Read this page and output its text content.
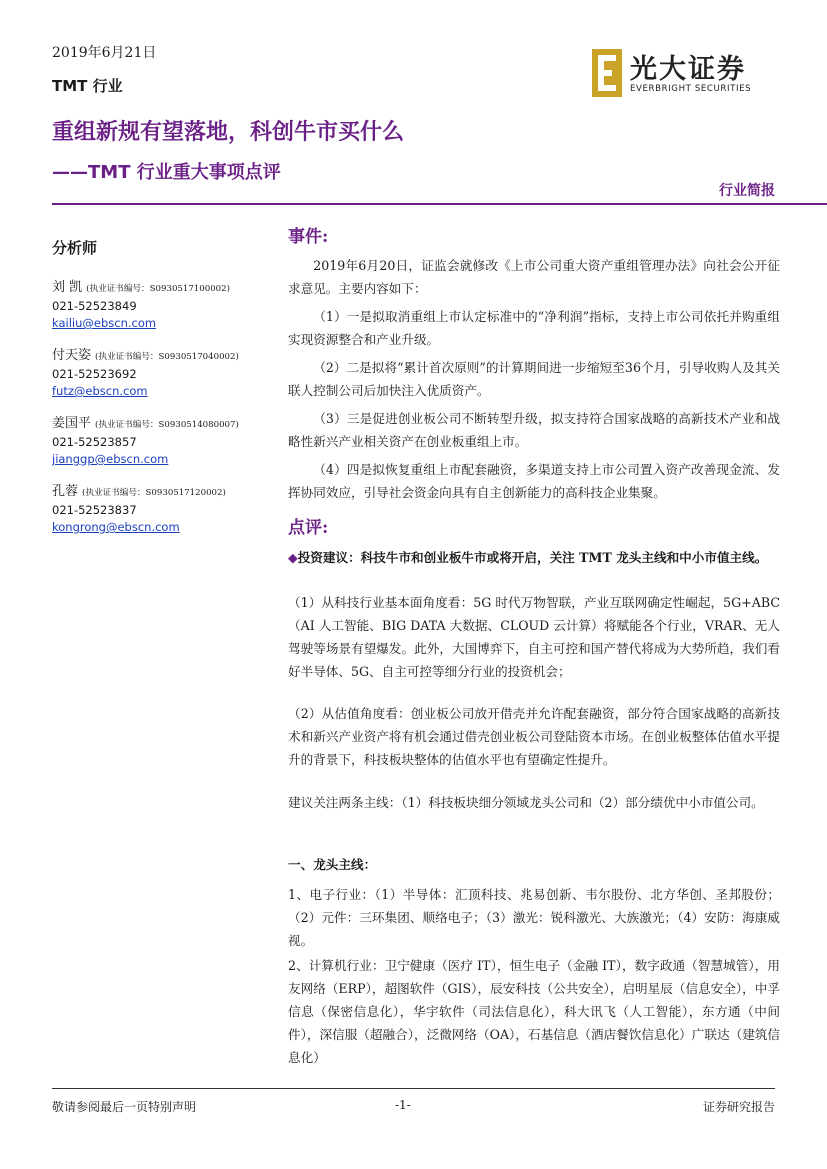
2019年6月21日
TMT 行业
光大证券
EVERBRIGHT SECURITIES
重组新规有望落地，科创牛市买什么
——TMT 行业重大事项点评
行业简报
分析师
刘 凯 (执业证书编号：S0930517100002)
021-52523849
kailiu@ebscn.com
付天姿 (执业证书编号：S0930517040002)
021-52523692
futz@ebscn.com
姜国平 (执业证书编号：S0930514080007)
021-52523857
jianggp@ebscn.com
孔蓉 (执业证书编号：S0930517120002)
021-52523837
kongrong@ebscn.com
事件:
2019年6月20日，证监会就修改《上市公司重大资产重组管理办法》向社会公开征求意见。主要内容如下：
（1）一是拟取消重组上市认定标准中的“净利润”指标，支持上市公司依托并购重组实现资源整合和产业升级。
（2）二是拟将“累计首次原则”的计算期间进一步缩短至36个月，引导收购人及其关联人控制公司后加快注入优质资产。
（3）三是促进创业板公司不断转型升级，拟支持符合国家战略的高新技术产业和战略性新兴产业相关资产在创业板重组上市。
（4）四是拟恢复重组上市配套融资，多渠道支持上市公司置入资产改善现金流、发挥协同效应，引导社会资金向具有自主创新能力的高科技企业集聚。
点评:
◆投资建议：科技牛市和创业板牛市或将开启，关注 TMT 龙头主线和中小市值主线。
（1）从科技行业基本面角度看：5G 时代万物智联，产业互联网确定性崛起，5G+ABC（AI 人工智能、BIG DATA 大数据、CLOUD 云计算）将赋能各个行业，VRAR、无人驾驶等场景有望爆发。此外，大国博弈下，自主可控和国产替代将成为大势所趋，我们看好半导体、5G、自主可控等细分行业的投资机会；
（2）从估值角度看：创业板公司放开借壳并允许配套融资，部分符合国家战略的高新技术和新兴产业资产将有机会通过借壳创业板公司登陆资本市场。在创业板整体估值水平提升的背景下，科技板块整体的估值水平也有望确定性提升。
建议关注两条主线：（1）科技板块细分领域龙头公司和（2）部分绩优中小市值公司。
一、龙头主线：
1、电子行业：（1）半导体：汇顶科技、兆易创新、韦尔股份、北方华创、圣邦股份；（2）元件：三环集团、顺络电子；（3）激光：锐科激光、大族激光；（4）安防：海康威视。
2、计算机行业：卫宁健康（医疗 IT），恒生电子（金融 IT），数字政通（智慧城管），用友网络（ERP），超图软件（GIS），辰安科技（公共安全），启明星辰（信息安全），中孚信息（保密信息化），华宇软件（司法信息化），科大讯飞（人工智能），东方通（中间件），深信服（超融合），泛微网络（OA），石基信息（酒店餐饮信息化）广联达（建筑信息化）
敬请参阅最后一页特别声明	-1-	证券研究报告
